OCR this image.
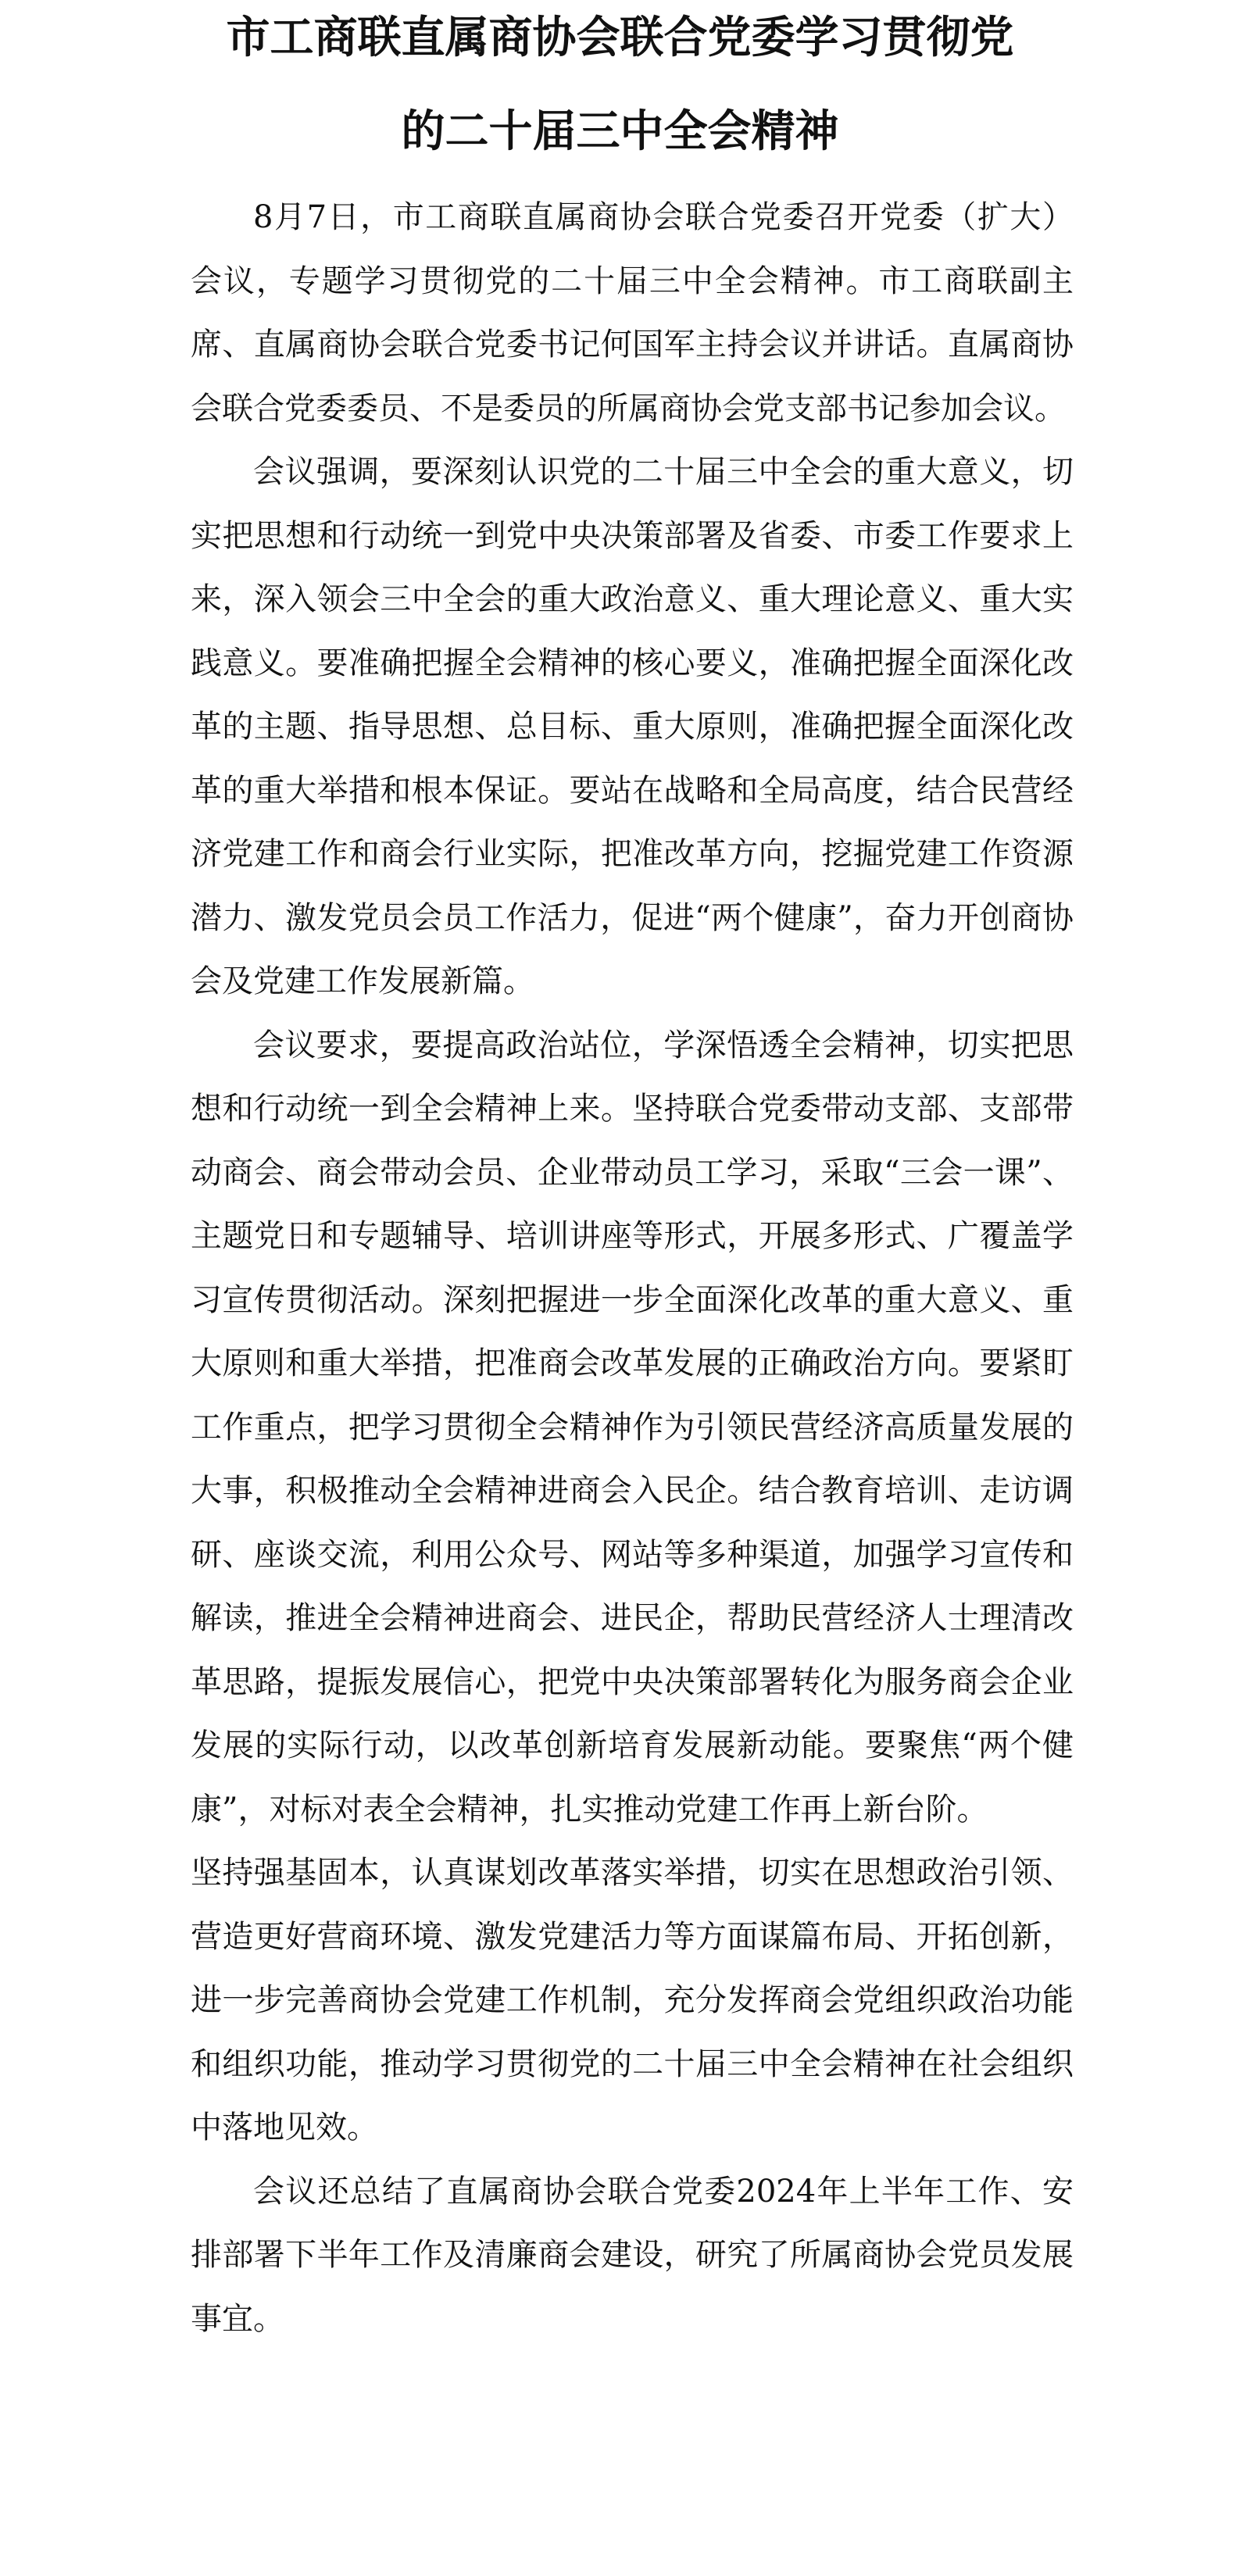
市工商联直属商协会联合党委学习贯彻党
的二十届三中全会精神

8月7日，市工商联直属商协会联合党委召开党委（扩大）会议，专题学习贯彻党的二十届三中全会精神。市工商联副主席、直属商协会联合党委书记何国军主持会议并讲话。直属商协会联合党委委员、不是委员的所属商协会党支部书记参加会议。

会议强调，要深刻认识党的二十届三中全会的重大意义，切实把思想和行动统一到党中央决策部署及省委、市委工作要求上来，深入领会三中全会的重大政治意义、重大理论意义、重大实践意义。要准确把握全会精神的核心要义，准确把握全面深化改革的主题、指导思想、总目标、重大原则，准确把握全面深化改革的重大举措和根本保证。要站在战略和全局高度，结合民营经济党建工作和商会行业实际，把准改革方向，挖掘党建工作资源潜力、激发党员会员工作活力，促进“两个健康”，奋力开创商协会及党建工作发展新篇。

会议要求，要提高政治站位，学深悟透全会精神，切实把思想和行动统一到全会精神上来。坚持联合党委带动支部、支部带动商会、商会带动会员、企业带动员工学习，采取“三会一课”、主题党日和专题辅导、培训讲座等形式，开展多形式、广覆盖学习宣传贯彻活动。深刻把握进一步全面深化改革的重大意义、重大原则和重大举措，把准商会改革发展的正确政治方向。要紧盯工作重点，把学习贯彻全会精神作为引领民营经济高质量发展的大事，积极推动全会精神进商会入民企。结合教育培训、走访调研、座谈交流，利用公众号、网站等多种渠道，加强学习宣传和解读，推进全会精神进商会、进民企，帮助民营经济人士理清改革思路，提振发展信心，把党中央决策部署转化为服务商会企业发展的实际行动，以改革创新培育发展新动能。要聚焦“两个健康”，对标对表全会精神，扎实推动党建工作再上新台阶。

坚持强基固本，认真谋划改革落实举措，切实在思想政治引领、营造更好营商环境、激发党建活力等方面谋篇布局、开拓创新，进一步完善商协会党建工作机制，充分发挥商会党组织政治功能和组织功能，推动学习贯彻党的二十届三中全会精神在社会组织中落地见效。

会议还总结了直属商协会联合党委2024年上半年工作、安排部署下半年工作及清廉商会建设，研究了所属商协会党员发展事宜。
